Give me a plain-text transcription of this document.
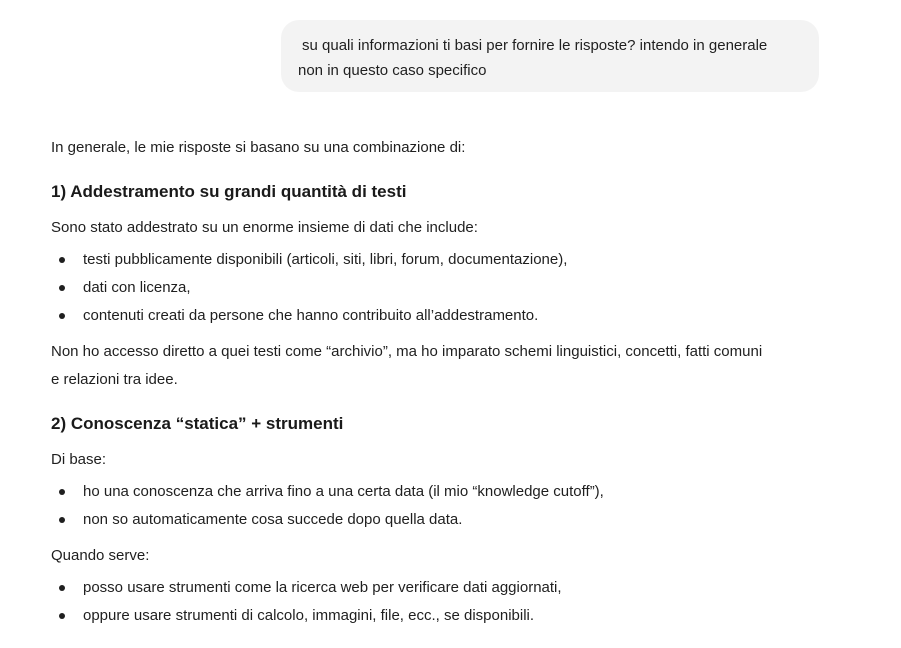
su quali informazioni ti basi per fornire le risposte? intendo in generale
non in questo caso specifico
In generale, le mie risposte si basano su una combinazione di:
1) Addestramento su grandi quantità di testi
Sono stato addestrato su un enorme insieme di dati che include:
testi pubblicamente disponibili (articoli, siti, libri, forum, documentazione),
dati con licenza,
contenuti creati da persone che hanno contribuito all’addestramento.
Non ho accesso diretto a quei testi come “archivio”, ma ho imparato schemi linguistici, concetti, fatti comuni
e relazioni tra idee.
2) Conoscenza “statica” + strumenti
Di base:
ho una conoscenza che arriva fino a una certa data (il mio “knowledge cutoff”),
non so automaticamente cosa succede dopo quella data.
Quando serve:
posso usare strumenti come la ricerca web per verificare dati aggiornati,
oppure usare strumenti di calcolo, immagini, file, ecc., se disponibili.
